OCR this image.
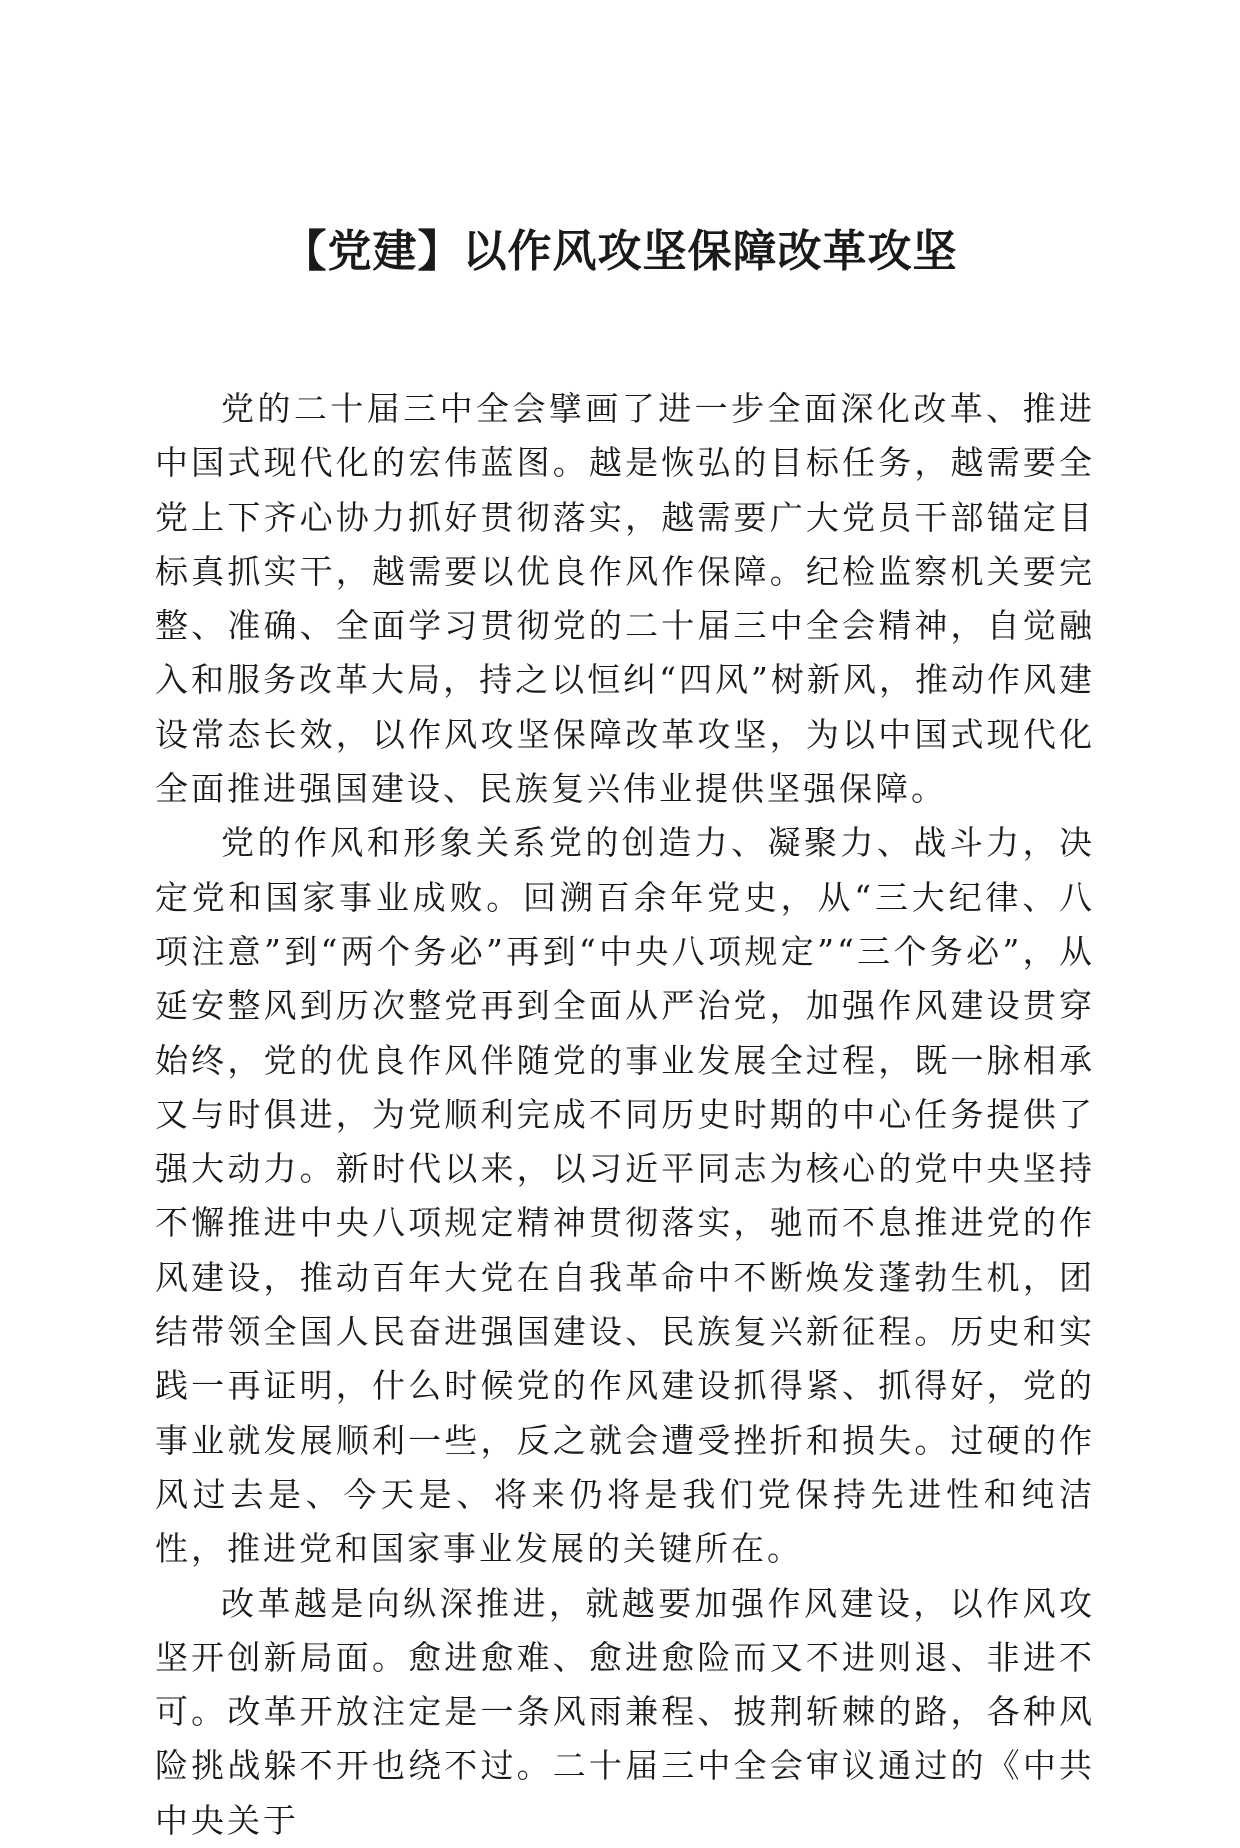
【党建】以作风攻坚保障改革攻坚

党的二十届三中全会擘画了进一步全面深化改革、推进中国式现代化的宏伟蓝图。越是恢弘的目标任务，越需要全党上下齐心协力抓好贯彻落实，越需要广大党员干部锚定目标真抓实干，越需要以优良作风作保障。纪检监察机关要完整、准确、全面学习贯彻党的二十届三中全会精神，自觉融入和服务改革大局，持之以恒纠“四风”树新风，推动作风建设常态长效，以作风攻坚保障改革攻坚，为以中国式现代化全面推进强国建设、民族复兴伟业提供坚强保障。

党的作风和形象关系党的创造力、凝聚力、战斗力，决定党和国家事业成败。回溯百余年党史，从“三大纪律、八项注意”到“两个务必”再到“中央八项规定”“三个务必”，从延安整风到历次整党再到全面从严治党，加强作风建设贯穿始终，党的优良作风伴随党的事业发展全过程，既一脉相承又与时俱进，为党顺利完成不同历史时期的中心任务提供了强大动力。新时代以来，以习近平同志为核心的党中央坚持不懈推进中央八项规定精神贯彻落实，驰而不息推进党的作风建设，推动百年大党在自我革命中不断焕发蓬勃生机，团结带领全国人民奋进强国建设、民族复兴新征程。历史和实践一再证明，什么时候党的作风建设抓得紧、抓得好，党的事业就发展顺利一些，反之就会遭受挫折和损失。过硬的作风过去是、今天是、将来仍将是我们党保持先进性和纯洁性，推进党和国家事业发展的关键所在。

改革越是向纵深推进，就越要加强作风建设，以作风攻坚开创新局面。愈进愈难、愈进愈险而又不进则退、非进不可。改革开放注定是一条风雨兼程、披荆斩棘的路，各种风险挑战躲不开也绕不过。二十届三中全会审议通过的《中共中央关于
